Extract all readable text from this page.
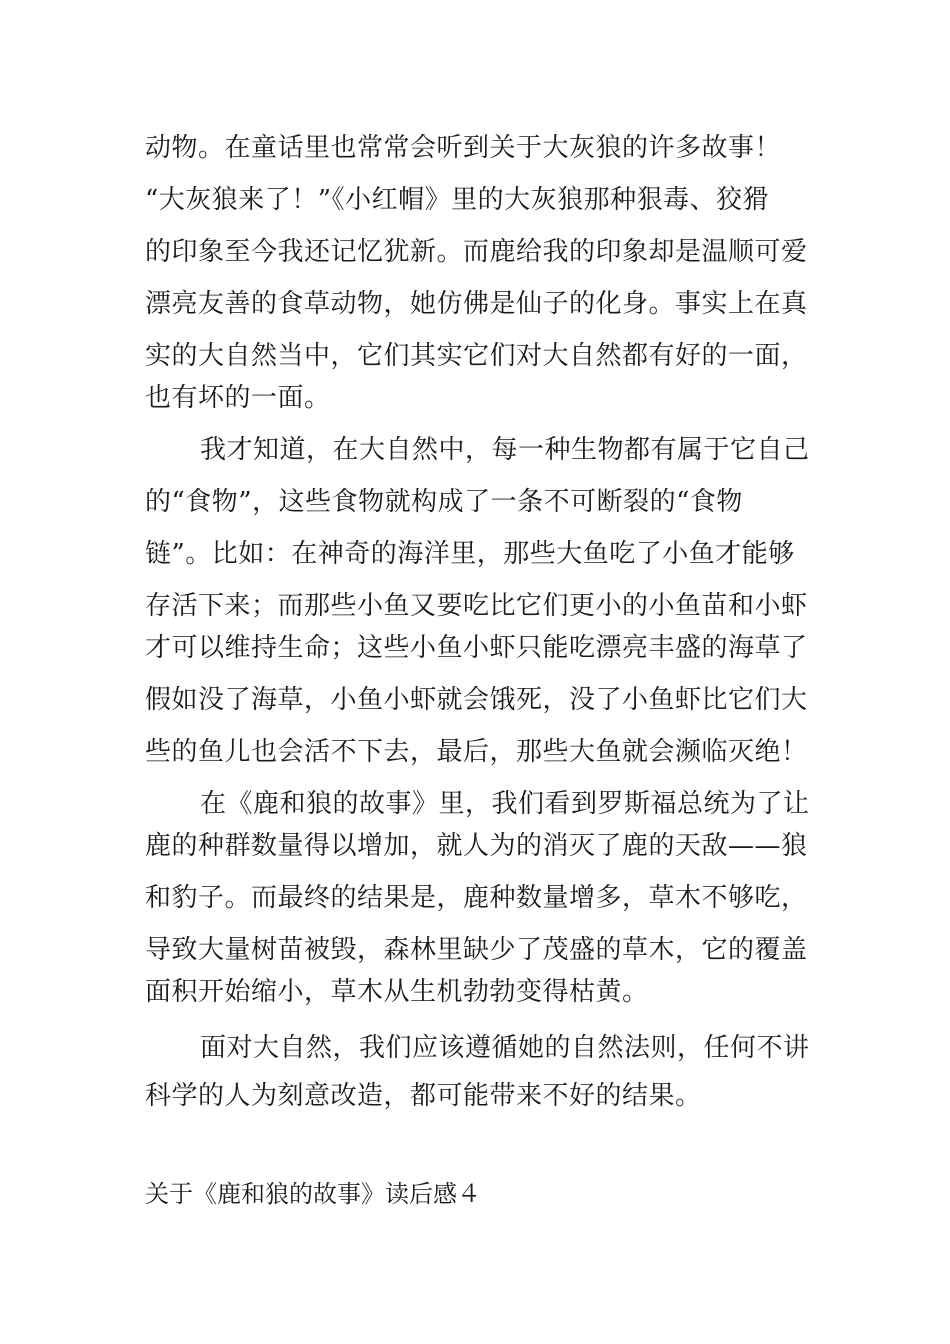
动物。在童话里也常常会听到关于大灰狼的许多故事！
“大灰狼来了！”《小红帽》里的大灰狼那种狠毒、狡猾
的印象至今我还记忆犹新。而鹿给我的印象却是温顺可爱
漂亮友善的食草动物，她仿佛是仙子的化身。事实上在真
实的大自然当中，它们其实它们对大自然都有好的一面，
也有坏的一面。
我才知道，在大自然中，每一种生物都有属于它自己
的“食物”，这些食物就构成了一条不可断裂的“食物
链”。比如：在神奇的海洋里，那些大鱼吃了小鱼才能够
存活下来；而那些小鱼又要吃比它们更小的小鱼苗和小虾
才可以维持生命；这些小鱼小虾只能吃漂亮丰盛的海草了
假如没了海草，小鱼小虾就会饿死，没了小鱼虾比它们大
些的鱼儿也会活不下去，最后，那些大鱼就会濒临灭绝！
在《鹿和狼的故事》里，我们看到罗斯福总统为了让
鹿的种群数量得以增加，就人为的消灭了鹿的天敌——狼
和豹子。而最终的结果是，鹿种数量增多，草木不够吃，
导致大量树苗被毁，森林里缺少了茂盛的草木，它的覆盖
面积开始缩小，草木从生机勃勃变得枯黄。
面对大自然，我们应该遵循她的自然法则，任何不讲
科学的人为刻意改造，都可能带来不好的结果。
关于《鹿和狼的故事》读后感４
